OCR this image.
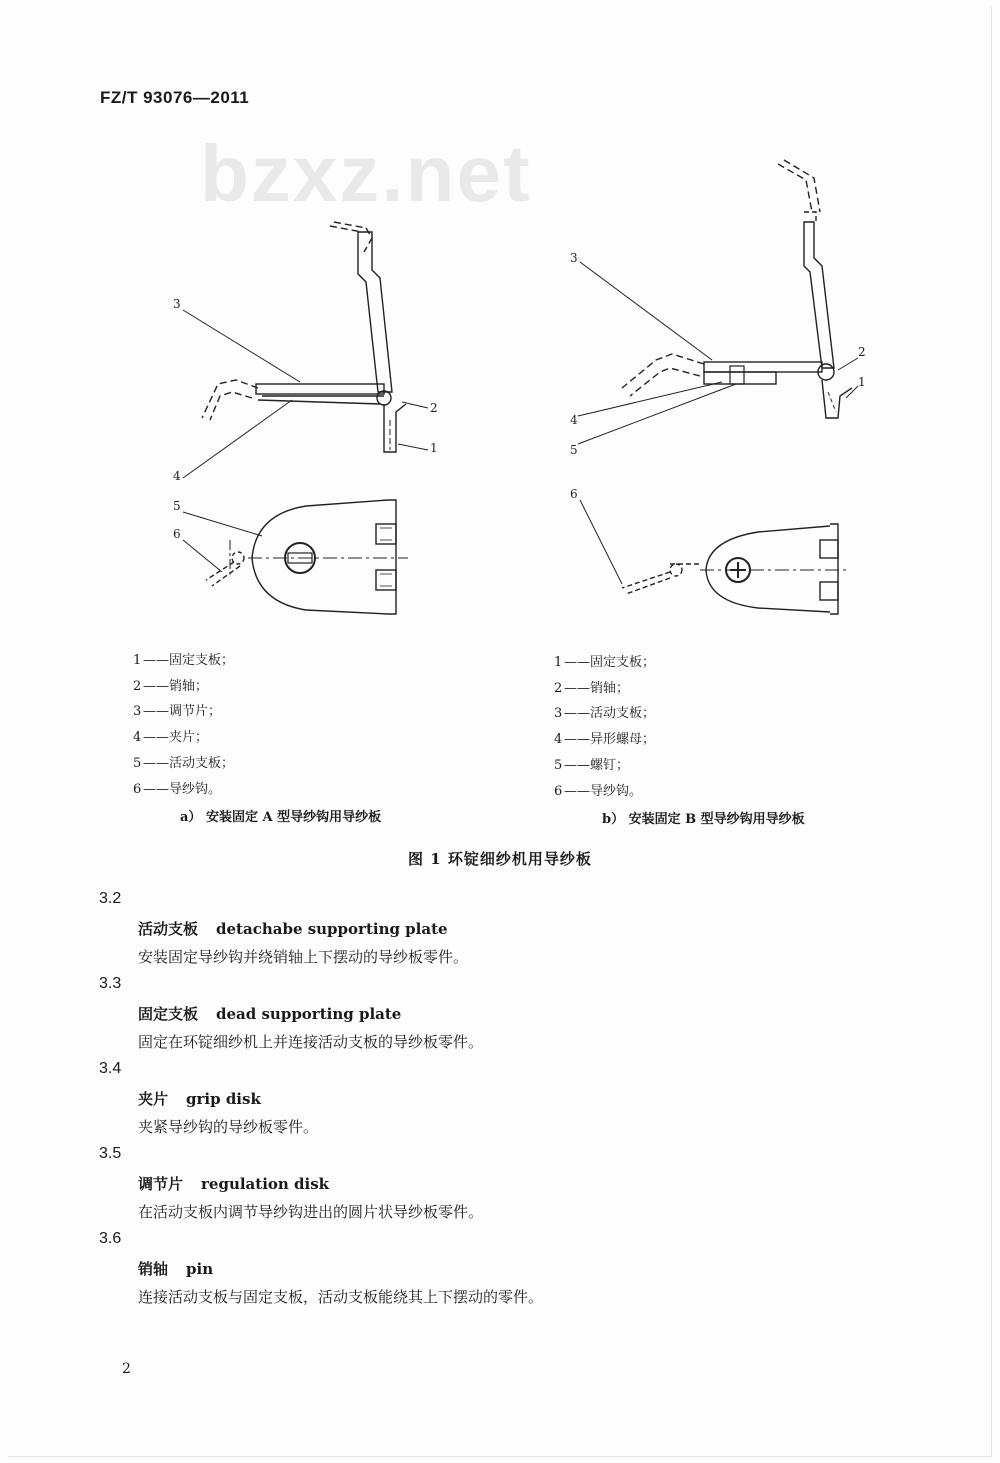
FZ/T 93076—2011
bzxz.net
3
2
1
4
5
6
3
2
1
4
5
6
1 ——固定支板；
2 ——销轴；
3 ——调节片；
4 ——夹片；
5 ——活动支板；
6 ——导纱钩。
1 ——固定支板；
2 ——销轴；
3 ——活动支板；
4 ——异形螺母；
5 ——螺钉；
6 ——导纱钩。
a） 安装固定 A 型导纱钩用导纱板	b） 安装固定 B 型导纱钩用导纱板
图 1 环锭细纱机用导纱板
3.2
活动支板 detachabe supporting plate
安装固定导纱钩并绕销轴上下摆动的导纱板零件。
3.3
固定支板 dead supporting plate
固定在环锭细纱机上并连接活动支板的导纱板零件。
3.4
夹片 grip disk
夹紧导纱钩的导纱板零件。
3.5
调节片 regulation disk
在活动支板内调节导纱钩进出的圆片状导纱板零件。
3.6
销轴 pin
连接活动支板与固定支板，活动支板能绕其上下摆动的零件。
2
